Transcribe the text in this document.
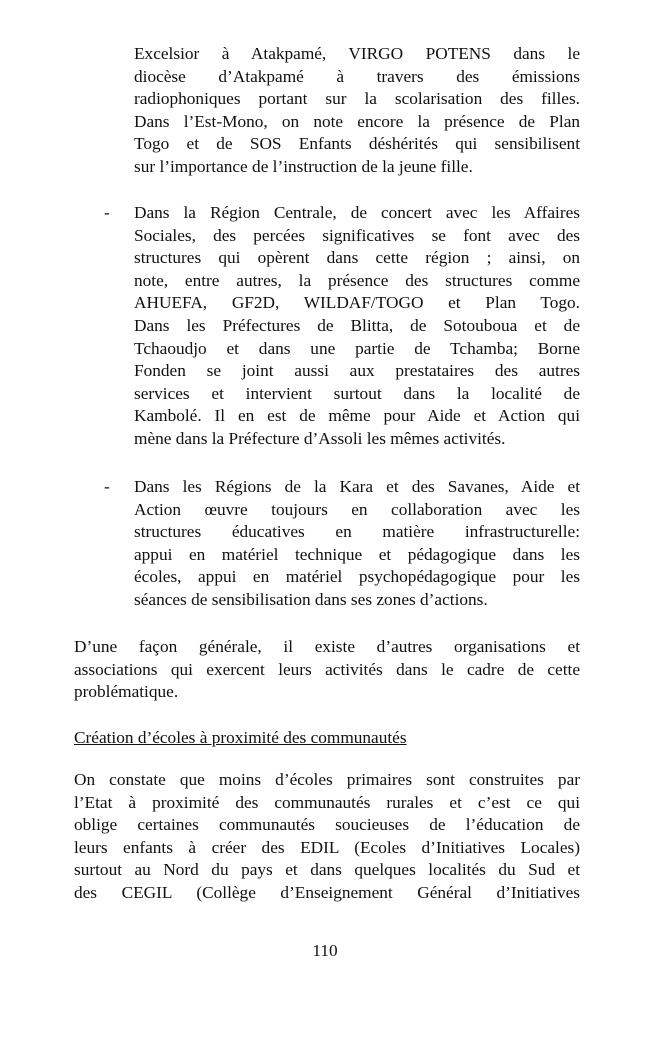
Excelsior à Atakpamé, VIRGO POTENS dans le
diocèse d’Atakpamé à travers des émissions
radiophoniques portant sur la scolarisation des filles.
Dans l’Est-Mono, on note encore la présence de Plan
Togo et de SOS Enfants déshérités qui sensibilisent
sur l’importance de l’instruction de la jeune fille.
- Dans la Région Centrale, de concert avec les Affaires
Sociales, des percées significatives se font avec des
structures qui opèrent dans cette région ; ainsi, on
note, entre autres, la présence des structures comme
AHUEFA, GF2D, WILDAF/TOGO et Plan Togo.
Dans les Préfectures de Blitta, de Sotouboua et de
Tchaoudjo et dans une partie de Tchamba; Borne
Fonden se joint aussi aux prestataires des autres
services et intervient surtout dans la localité de
Kambolé. Il en est de même pour Aide et Action qui
mène dans la Préfecture d’Assoli les mêmes activités.
- Dans les Régions de la Kara et des Savanes, Aide et
Action œuvre toujours en collaboration avec les
structures éducatives en matière infrastructurelle:
appui en matériel technique et pédagogique dans les
écoles, appui en matériel psychopédagogique pour les
séances de sensibilisation dans ses zones d’actions.
D’une façon générale, il existe d’autres organisations et
associations qui exercent leurs activités dans le cadre de cette
problématique.
Création d’écoles à proximité des communautés
On constate que moins d’écoles primaires sont construites par
l’Etat à proximité des communautés rurales et c’est ce qui
oblige certaines communautés soucieuses de l’éducation de
leurs enfants à créer des EDIL (Ecoles d’Initiatives Locales)
surtout au Nord du pays et dans quelques localités du Sud et
des CEGIL (Collège d’Enseignement Général d’Initiatives
110
